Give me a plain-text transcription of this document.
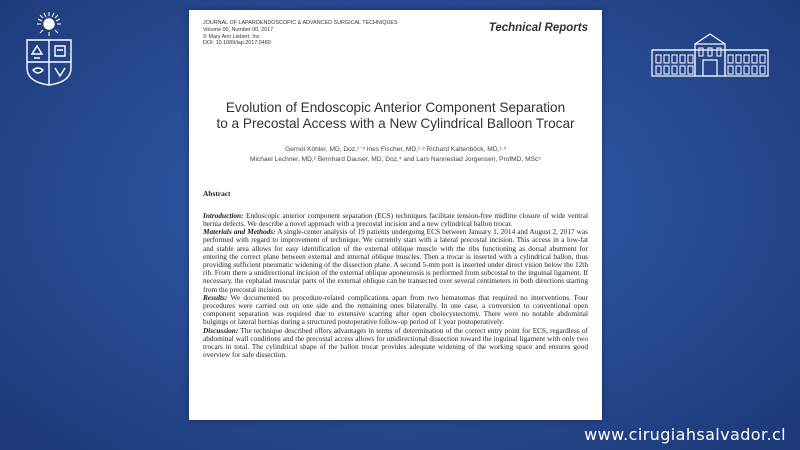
JOURNAL OF LAPAROENDOSCOPIC & ADVANCED SURGICAL TECHNIQUES
Volume 00, Number 00, 2017
© Mary Ann Liebert, Inc.
DOI: 10.1089/lap.2017.0480
Technical Reports
Evolution of Endoscopic Anterior Component Separation
to a Precostal Access with a New Cylindrical Balloon Trocar
Gernot Köhler, MD, Doz,¹⁻³ Ines Fischer, MD,¹·³ Richard Kaltenböck, MD,¹·³
Michael Lechner, MD,² Bernhard Dauser, MD, Doz,⁴ and Lars Nannestad Jorgensen, ProfMD, MSc⁵
Abstract

Introduction: Endoscopic anterior component separation (ECS) techniques facilitate tension-free midline closure of wide ventral hernia defects. We describe a novel approach with a precostal incision and a new cylindrical ballon trocar.

Materials and Methods: A single-center analysis of 19 patients undergoing ECS between January 1, 2014 and August 2, 2017 was performed with regard to improvement of technique. We currently start with a lateral precostal incision. This access in a low-fat and stable area allows for easy identification of the external oblique muscle with the ribs functioning as dorsal abutment for entering the correct plane between external and internal oblique muscles. Then a trocar is inserted with a cylindrical ballon, thus providing sufficient pneumatic widening of the dissection plane. A second 5-mm port is inserted under direct vision below the 12th rib. From there a unidirectional incision of the external oblique aponeurosis is performed from subcostal to the inguinal ligament. If necessary, the cephalad muscular parts of the external oblique can be transected over several centimeters in both directions starting from the precostal incision.

Results: We documented no procedure-related complications apart from two hematomas that required no interventions. Four procedures were carried out on one side and the remaining ones bilaterally. In one case, a conversion to conventional open component separation was required due to extensive scarring after open cholecystectomy. There were no notable abdominal bulgings or lateral hernias during a structured postoperative follow-up period of 1 year postoperatively.

Discussion: The technique described offers advantages in terms of determination of the correct entry point for ECS, regardless of abdominal wall conditions and the precostal access allows for unidirectional dissection toward the inguinal ligament with only two trocars in total. The cylindrical shape of the ballon trocar provides adequate widening of the working space and ensures good overview for safe dissection.

www.cirugiahsalvador.cl
